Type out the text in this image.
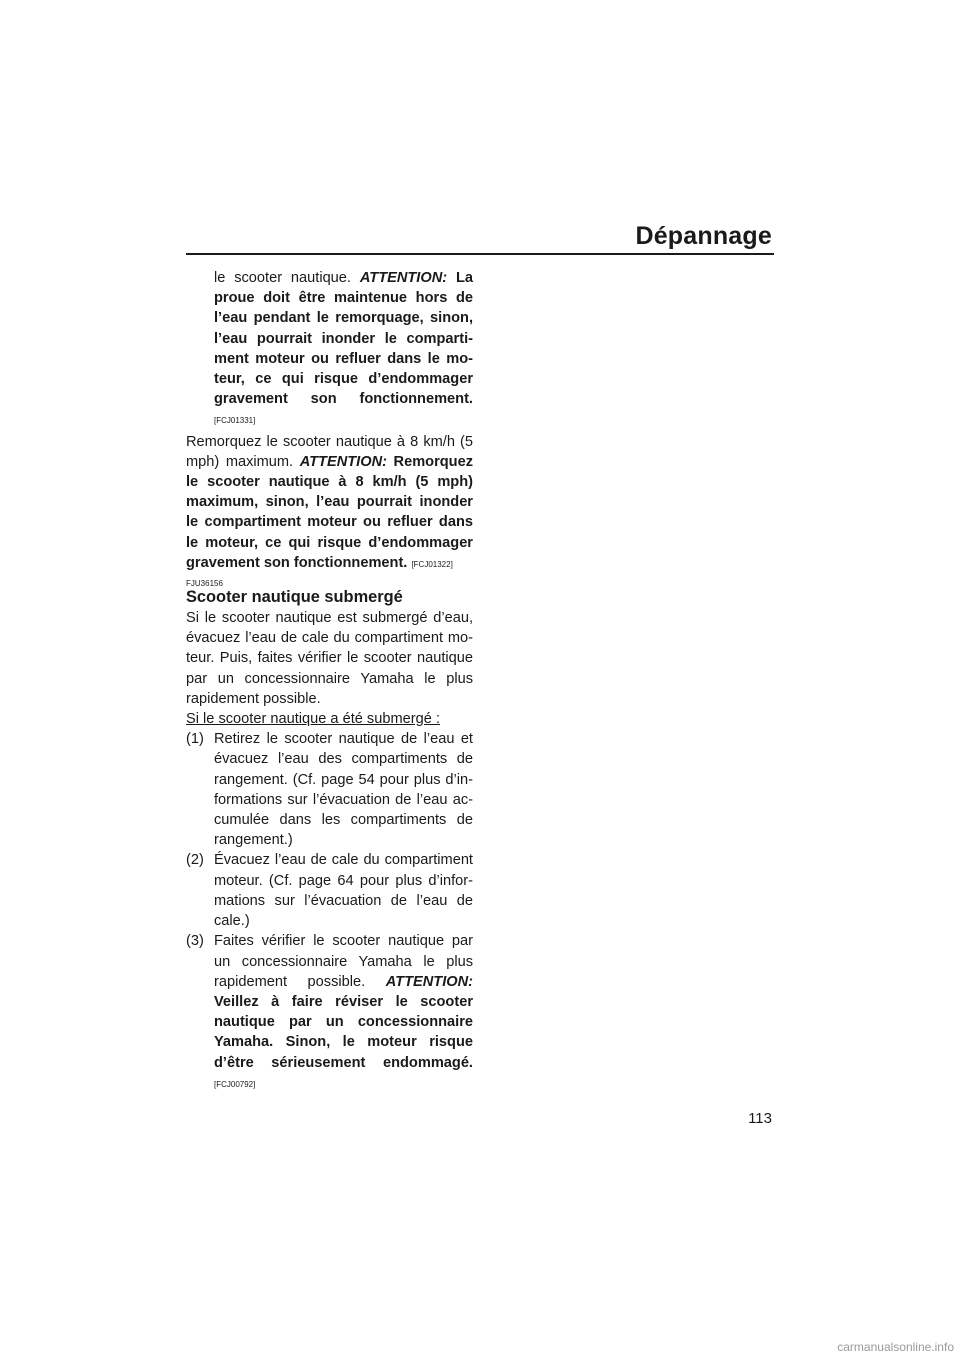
Dépannage

le scooter nautique. ATTENTION: La proue doit être maintenue hors de l’eau pendant le remorquage, sinon, l’eau pourrait inonder le compartiment moteur ou refluer dans le moteur, ce qui risque d’endommager gravement son fonctionnement. [FCJ01331]

Remorquez le scooter nautique à 8 km/h (5 mph) maximum. ATTENTION: Remorquez le scooter nautique à 8 km/h (5 mph) maximum, sinon, l’eau pourrait inonder le compartiment moteur ou refluer dans le moteur, ce qui risque d’endommager gravement son fonctionnement. [FCJ01322]

FJU36156

Scooter nautique submergé

Si le scooter nautique est submergé d’eau, évacuez l’eau de cale du compartiment moteur. Puis, faites vérifier le scooter nautique par un concessionnaire Yamaha le plus rapidement possible.

Si le scooter nautique a été submergé :

(1) Retirez le scooter nautique de l’eau et évacuez l’eau des compartiments de rangement. (Cf. page 54 pour plus d’informations sur l’évacuation de l’eau accumulée dans les compartiments de rangement.)
(2) Évacuez l’eau de cale du compartiment moteur. (Cf. page 64 pour plus d’informations sur l’évacuation de l’eau de cale.)
(3) Faites vérifier le scooter nautique par un concessionnaire Yamaha le plus rapidement possible. ATTENTION: Veillez à faire réviser le scooter nautique par un concessionnaire Yamaha. Sinon, le moteur risque d’être sérieusement endommagé. [FCJ00792]
113
carmanualsonline.info
